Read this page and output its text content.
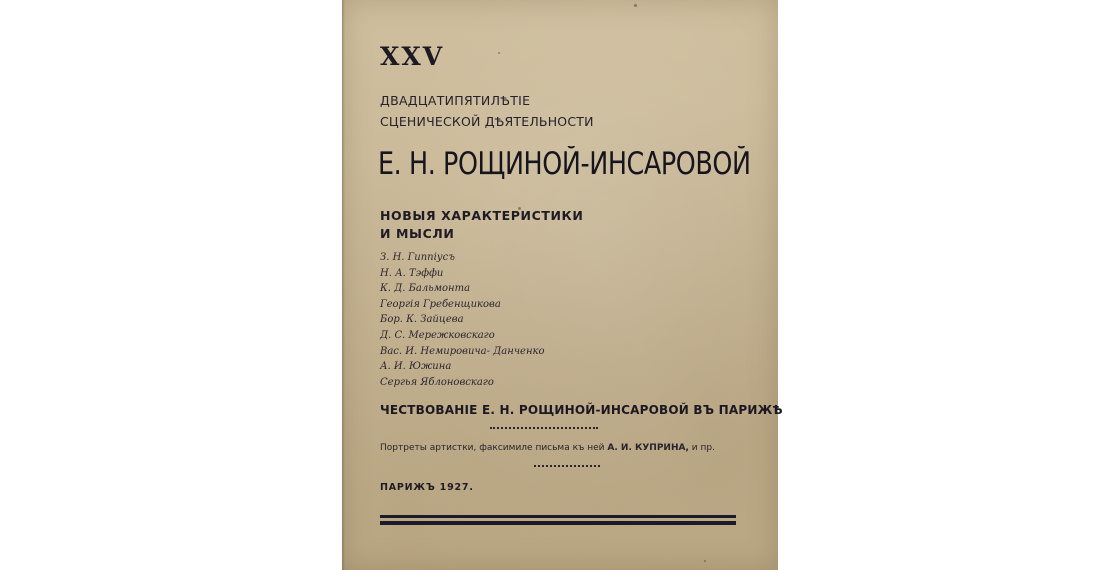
XXV
ДВАДЦАТИПЯТИЛѢТІЕ
СЦЕНИЧЕСКОЙ ДѢЯТЕЛЬНОСТИ
Е. Н. РОЩИНОЙ-ИНСАРОВОЙ
НОВЫЯ ХАРАКТЕРИСТИКИ
И МЫСЛИ
З. Н. Гиппіусъ
Н. А. Тэффи
К. Д. Бальмонта
Георгія Гребенщикова
Бор. К. Зайцева
Д. С. Мережковскаго
Вас. И. Немировича- Данченко
А. И. Южина
Сергья Яблоновскаго
ЧЕСТВОВАНІЕ Е. Н. РОЩИНОЙ-ИНСАРОВОЙ ВЪ ПАРИЖѢ
Портреты артистки, факсимиле письма къ ней А. И. КУПРИНА, и пр.
ПАРИЖЪ 1927.
